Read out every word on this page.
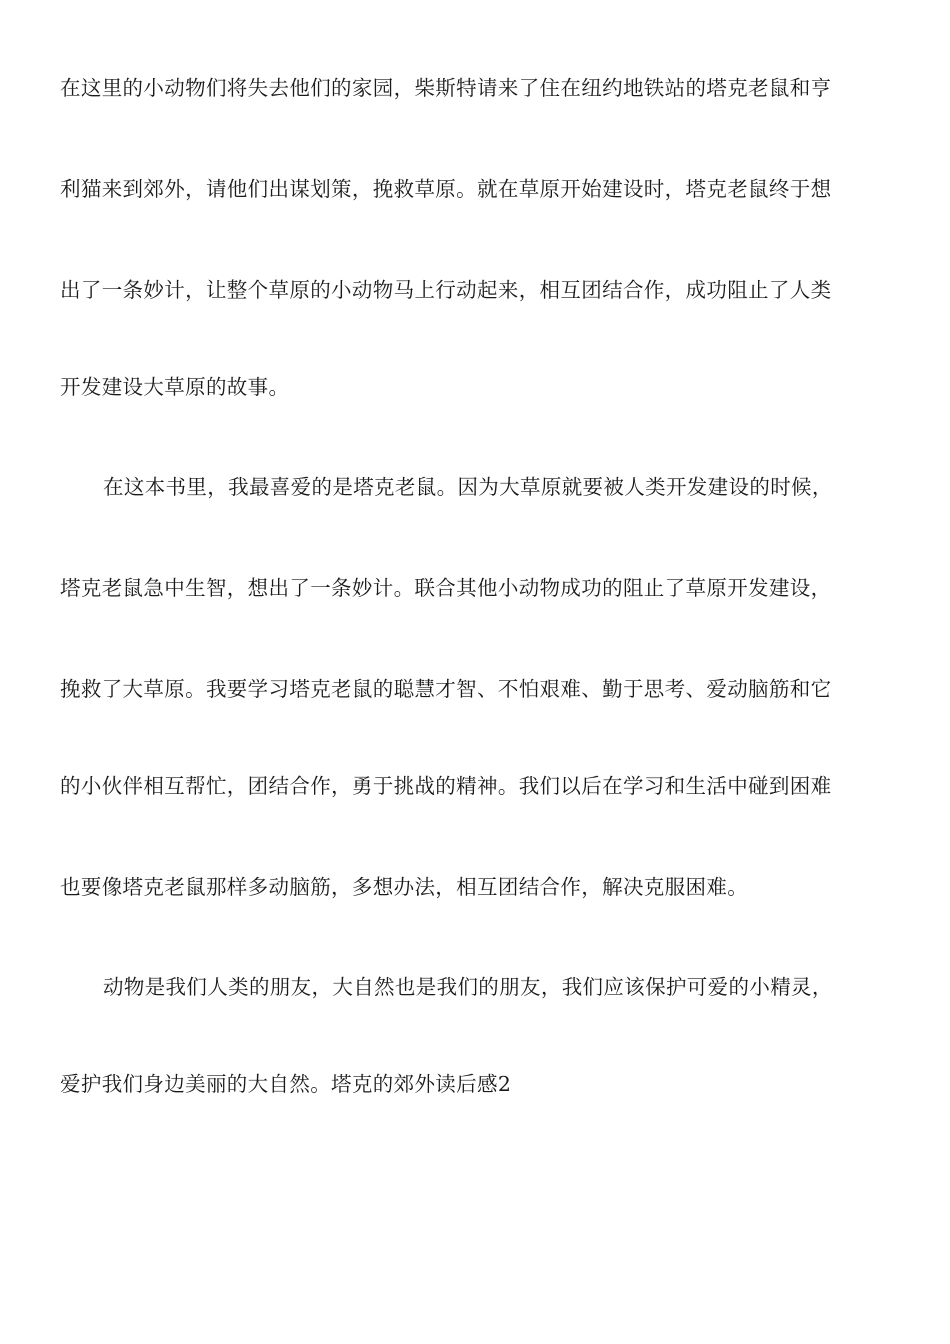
在这里的小动物们将失去他们的家园，柴斯特请来了住在纽约地铁站的塔克老鼠和亨
利猫来到郊外，请他们出谋划策，挽救草原。就在草原开始建设时，塔克老鼠终于想
出了一条妙计，让整个草原的小动物马上行动起来，相互团结合作，成功阻止了人类
开发建设大草原的故事。
在这本书里，我最喜爱的是塔克老鼠。因为大草原就要被人类开发建设的时候，
塔克老鼠急中生智，想出了一条妙计。联合其他小动物成功的阻止了草原开发建设，
挽救了大草原。我要学习塔克老鼠的聪慧才智、不怕艰难、勤于思考、爱动脑筋和它
的小伙伴相互帮忙，团结合作，勇于挑战的精神。我们以后在学习和生活中碰到困难
也要像塔克老鼠那样多动脑筋，多想办法，相互团结合作，解决克服困难。
动物是我们人类的朋友，大自然也是我们的朋友，我们应该保护可爱的小精灵，
爱护我们身边美丽的大自然。塔克的郊外读后感2
